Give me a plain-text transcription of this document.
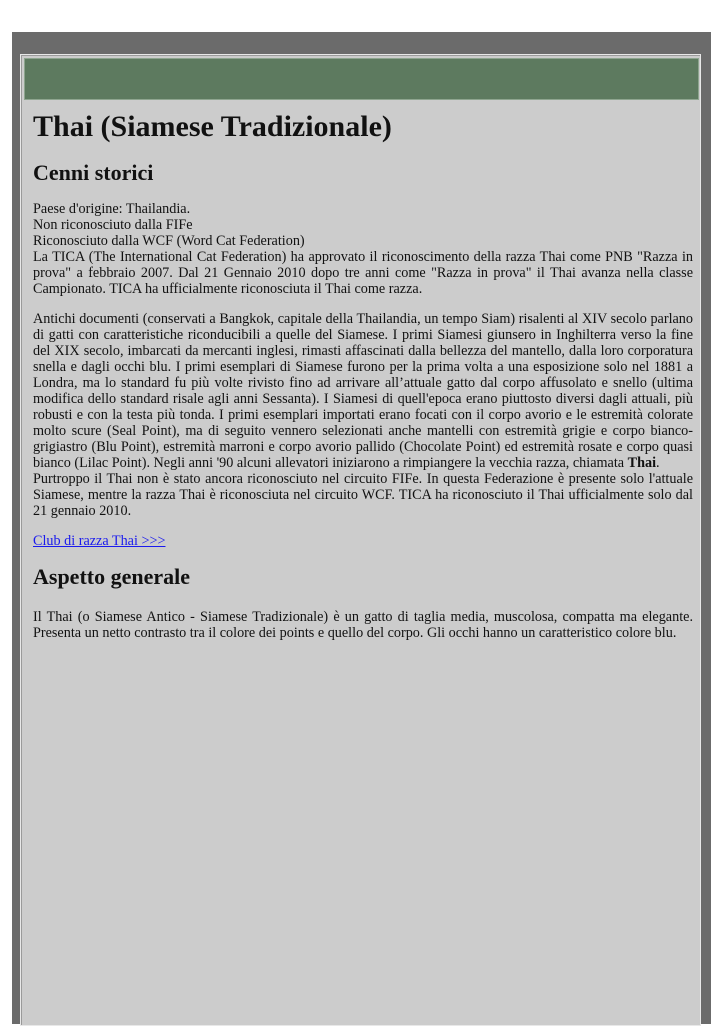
Thai (Siamese Tradizionale)
Cenni storici

Paese d'origine: Thailandia.
Non riconosciuto dalla FIFe
Riconosciuto dalla WCF (Word Cat Federation)
La TICA (The International Cat Federation) ha approvato il riconoscimento della razza Thai come PNB "Razza in prova" a febbraio 2007. Dal 21 Gennaio 2010 dopo tre anni come "Razza in prova" il Thai avanza nella classe Campionato. TICA ha ufficialmente riconosciuta il Thai come razza.

Antichi documenti (conservati a Bangkok, capitale della Thailandia, un tempo Siam) risalenti al XIV secolo parlano di gatti con caratteristiche riconducibili a quelle del Siamese. I primi Siamesi giunsero in Inghilterra verso la fine del XIX secolo, imbarcati da mercanti inglesi, rimasti affascinati dalla bellezza del mantello, dalla loro corporatura snella e dagli occhi blu. I primi esemplari di Siamese furono per la prima volta a una esposizione solo nel 1881 a Londra, ma lo standard fu più volte rivisto fino ad arrivare all’attuale gatto dal corpo affusolato e snello (ultima modifica dello standard risale agli anni Sessanta). I Siamesi di quell'epoca erano piuttosto diversi dagli attuali, più robusti e con la testa più tonda. I primi esemplari importati erano focati con il corpo avorio e le estremità colorate molto scure (Seal Point), ma di seguito vennero selezionati anche mantelli con estremità grigie e corpo bianco-grigiastro (Blu Point), estremità marroni e corpo avorio pallido (Chocolate Point) ed estremità rosate e corpo quasi bianco (Lilac Point). Negli anni '90 alcuni allevatori iniziarono a rimpiangere la vecchia razza, chiamata Thai.
Purtroppo il Thai non è stato ancora riconosciuto nel circuito FIFe. In questa Federazione è presente solo l'attuale Siamese, mentre la razza Thai è riconosciuta nel circuito WCF. TICA ha riconosciuto il Thai ufficialmente solo dal 21 gennaio 2010.

Club di razza Thai >>>

Aspetto generale

Il Thai (o Siamese Antico - Siamese Tradizionale) è un gatto di taglia media, muscolosa, compatta ma elegante. Presenta un netto contrasto tra il colore dei points e quello del corpo. Gli occhi hanno un caratteristico colore blu.
